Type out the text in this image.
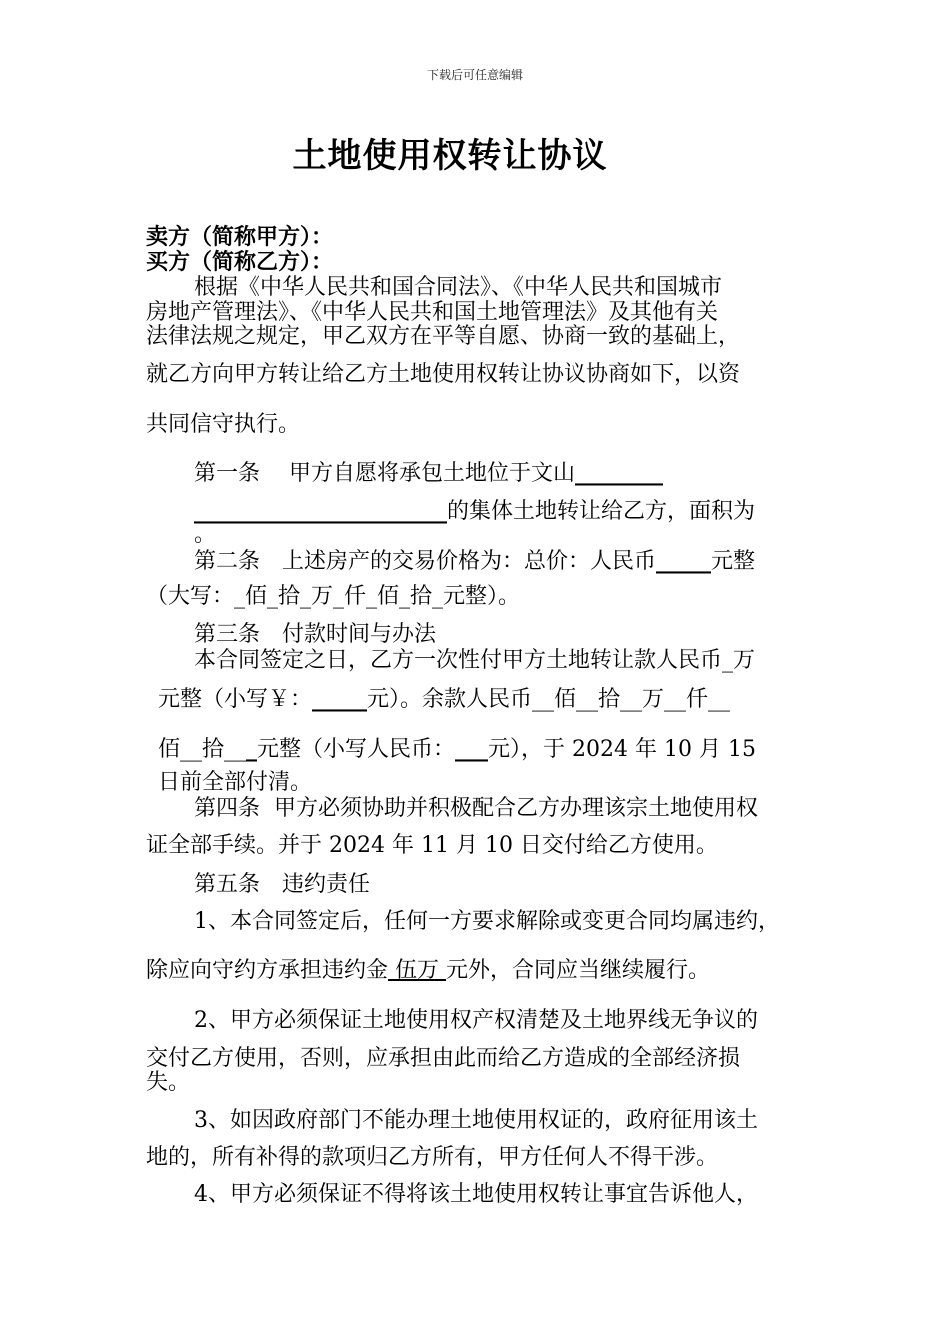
下载后可任意编辑
土地使用权转让协议
卖方（简称甲方）：
买方（简称乙方）：
根据《中华人民共和国合同法》、《中华人民共和国城市
房地产管理法》、《中华人民共和国土地管理法》及其他有关
法律法规之规定，甲乙双方在平等自愿、协商一致的基础上，
就乙方向甲方转让给乙方土地使用权转让协议协商如下，以资
共同信守执行。
第一条　 甲方自愿将承包土地位于文山________
_______________________的集体土地转让给乙方，面积为
。
第二条　上述房产的交易价格为：总价：人民币_____元整
（大写：_佰_拾_万_仟_佰_拾_元整）。
第三条　付款时间与办法
本合同签定之日，乙方一次性付甲方土地转让款人民币_万
元整（小写￥：_____元）。余款人民币__佰__拾__万__仟__
佰__拾___元整（小写人民币：___元），于 2024 年 10 月 15
日前全部付清。
第四条  甲方必须协助并积极配合乙方办理该宗土地使用权
证全部手续。并于 2024 年 11 月 10 日交付给乙方使用。
第五条　违约责任
1、本合同签定后，任何一方要求解除或变更合同均属违约，
除应向守约方承担违约金 伍万 元外，合同应当继续履行。
2、甲方必须保证土地使用权产权清楚及土地界线无争议的
交付乙方使用，否则，应承担由此而给乙方造成的全部经济损
失。
3、如因政府部门不能办理土地使用权证的，政府征用该土
地的，所有补得的款项归乙方所有，甲方任何人不得干涉。
4、甲方必须保证不得将该土地使用权转让事宜告诉他人，
